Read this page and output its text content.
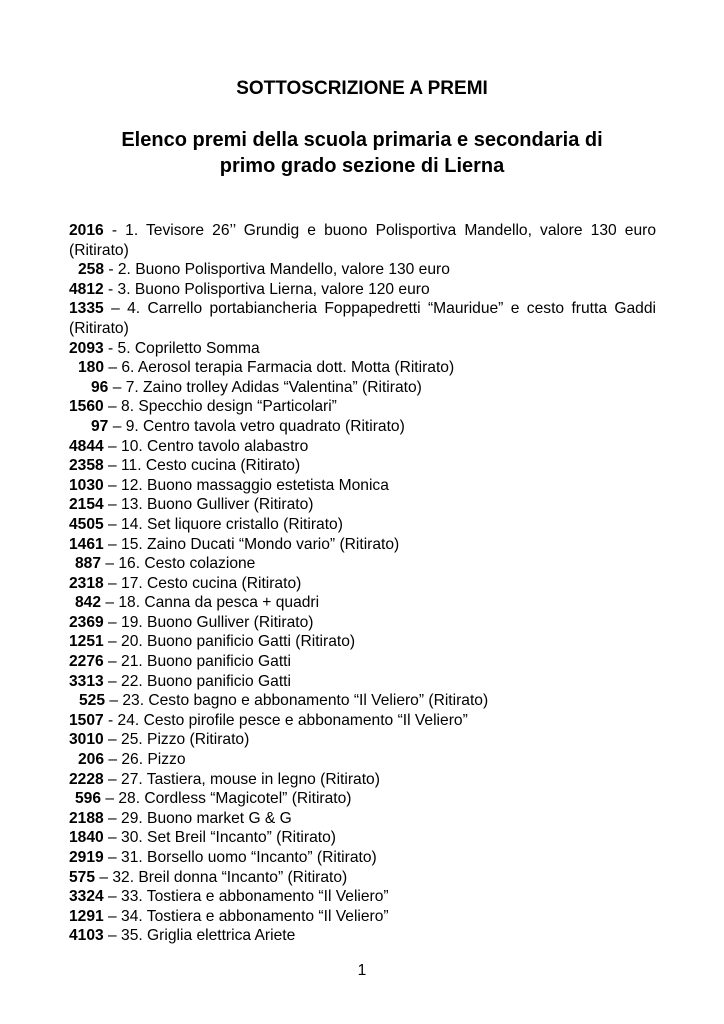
SOTTOSCRIZIONE A PREMI
Elenco premi della scuola primaria e secondaria di
primo grado sezione di Lierna

2016 - 1. Tevisore 26’’ Grundig e buono Polisportiva Mandello, valore 130 euro (Ritirato)

258 - 2. Buono Polisportiva Mandello, valore 130 euro

4812 - 3. Buono Polisportiva Lierna, valore 120 euro

1335 – 4. Carrello portabiancheria Foppapedretti “Mauridue” e cesto frutta Gaddi (Ritirato)

2093 - 5. Copriletto Somma

180 – 6. Aerosol terapia Farmacia dott. Motta (Ritirato)

96 – 7. Zaino trolley Adidas “Valentina” (Ritirato)

1560 – 8. Specchio design “Particolari”

97 – 9. Centro tavola vetro quadrato (Ritirato)

4844 – 10. Centro tavolo alabastro

2358 – 11. Cesto cucina (Ritirato)

1030 – 12. Buono massaggio estetista Monica

2154 – 13. Buono Gulliver (Ritirato)

4505 – 14. Set liquore cristallo (Ritirato)

1461 – 15. Zaino Ducati “Mondo vario” (Ritirato)

887 – 16. Cesto colazione

2318 – 17. Cesto cucina (Ritirato)

842 – 18. Canna da pesca + quadri

2369 – 19. Buono Gulliver (Ritirato)

1251 – 20. Buono panificio Gatti (Ritirato)

2276 – 21. Buono panificio Gatti

3313 – 22. Buono panificio Gatti

525 – 23. Cesto bagno e abbonamento “Il Veliero” (Ritirato)

1507 - 24. Cesto pirofile pesce e abbonamento “Il Veliero”

3010 – 25. Pizzo (Ritirato)

206 – 26. Pizzo

2228 – 27. Tastiera, mouse in legno (Ritirato)

596 – 28. Cordless “Magicotel” (Ritirato)

2188 – 29. Buono market G & G

1840 – 30. Set Breil “Incanto” (Ritirato)

2919 – 31. Borsello uomo “Incanto” (Ritirato)

575 – 32. Breil donna “Incanto” (Ritirato)

3324 – 33. Tostiera e abbonamento “Il Veliero”

1291 – 34. Tostiera e abbonamento “Il Veliero”

4103 – 35. Griglia elettrica Ariete

1
